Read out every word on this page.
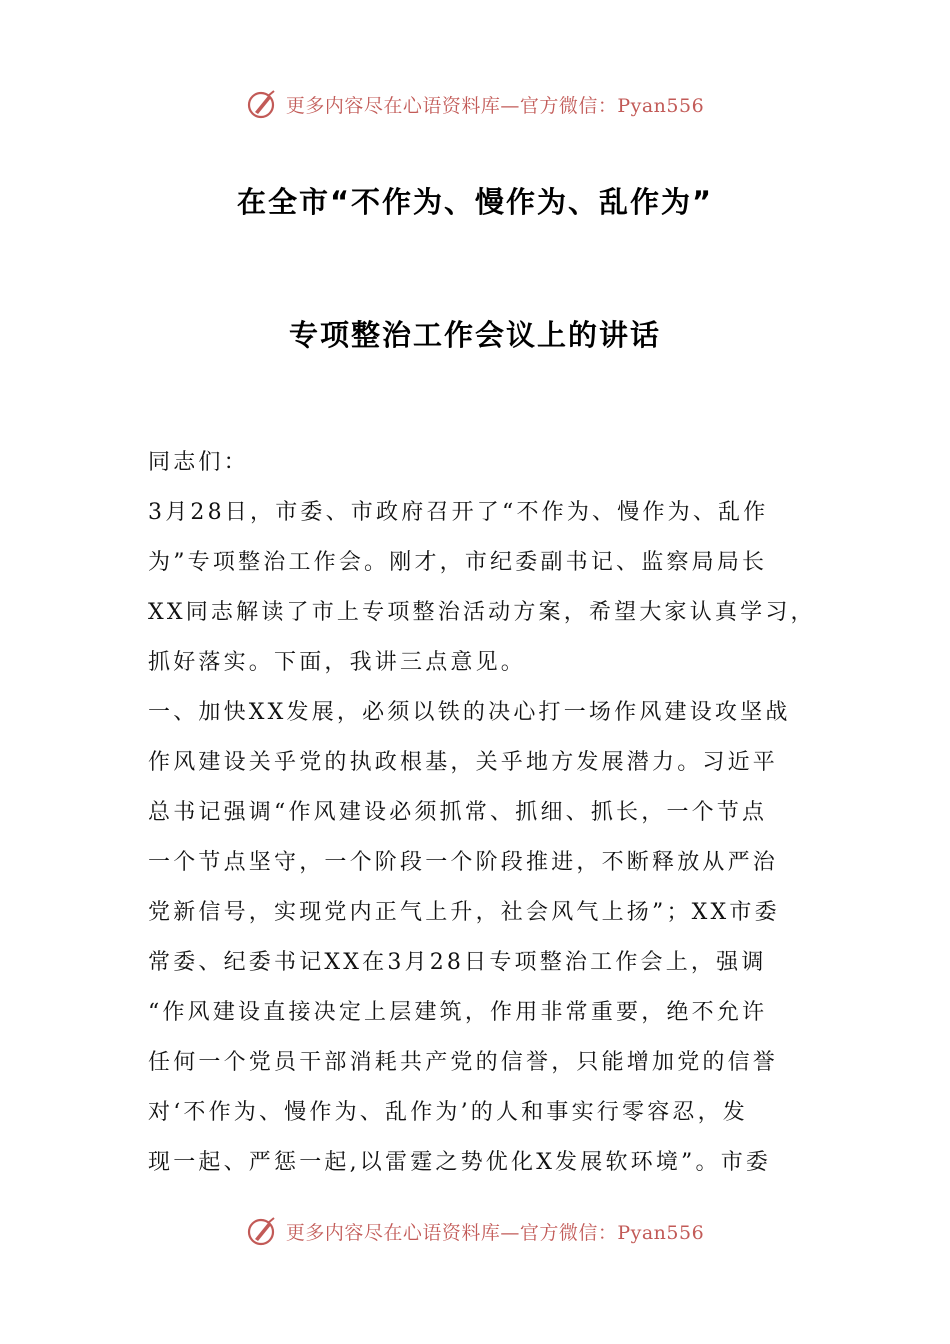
更多内容尽在心语资料库—官方微信：Pyan556
在全市“不作为、慢作为、乱作为”
专项整治工作会议上的讲话
同志们：
3月28日，市委、市政府召开了“不作为、慢作为、乱作
为”专项整治工作会。刚才，市纪委副书记、监察局局长
XX同志解读了市上专项整治活动方案，希望大家认真学习，
抓好落实。下面，我讲三点意见。
一、加快XX发展，必须以铁的决心打一场作风建设攻坚战
作风建设关乎党的执政根基，关乎地方发展潜力。习近平
总书记强调“作风建设必须抓常、抓细、抓长，一个节点
一个节点坚守，一个阶段一个阶段推进，不断释放从严治
党新信号，实现党内正气上升，社会风气上扬”；XX市委
常委、纪委书记XX在3月28日专项整治工作会上，强调
“作风建设直接决定上层建筑，作用非常重要，绝不允许
任何一个党员干部消耗共产党的信誉，只能增加党的信誉
对‘不作为、慢作为、乱作为’的人和事实行零容忍，发
现一起、严惩一起,以雷霆之势优化X发展软环境”。市委
更多内容尽在心语资料库—官方微信：Pyan556
